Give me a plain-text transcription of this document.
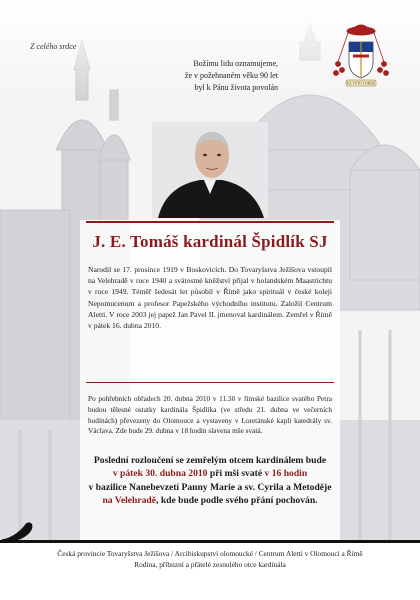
Z celého srdce
Božímu lidu oznamujeme,
že v požehnaném věku 90 let
byl k Pánu života povolán	EX TOTO CORDE
J. E. Tomáš kardinál Špidlík SJ
Narodil se 17. prosince 1919 v Boskovicích. Do Tovaryšstva Ježíšova vstoupil na Velehradě v roce 1940 a svátostné kněžství přijal v holandském Maastrichtu v roce 1949. Téměř šedesát let působil v Římě jako spirituál v české koleji Nepomucenum a profesor Papežského východního institutu. Založil Centrum Aletti. V roce 2003 jej papež Jan Pavel II. jmenoval kardinálem. Zemřel v Římě v pátek 16. dubna 2010.
Po pohřebních obřadech 20. dubna 2010 v 11.30 v římské bazilice svatého Petra budou tělesné ostatky kardinála Špidlíka (ve středu 21. dubna ve večerních hodinách) převezeny do Olomouce a vystaveny v Loretánské kapli katedrály sv. Václava. Zde bude 29. dubna v 18 hodin slavena mše svatá.
Poslední rozloučení se zemřelým otcem kardinálem bude
v pátek 30. dubna 2010 při mši svaté v 16 hodin
v bazilice Nanebevzetí Panny Marie a sv. Cyrila a Metoděje
na Velehradě, kde bude podle svého přání pochován.
Česká provincie Tovaryšstva Ježíšova / Arcibiskupství olomoucké / Centrum Aletti v Olomouci a Římě
Rodina, příbuzní a přátelé zesnulého otce kardinála
